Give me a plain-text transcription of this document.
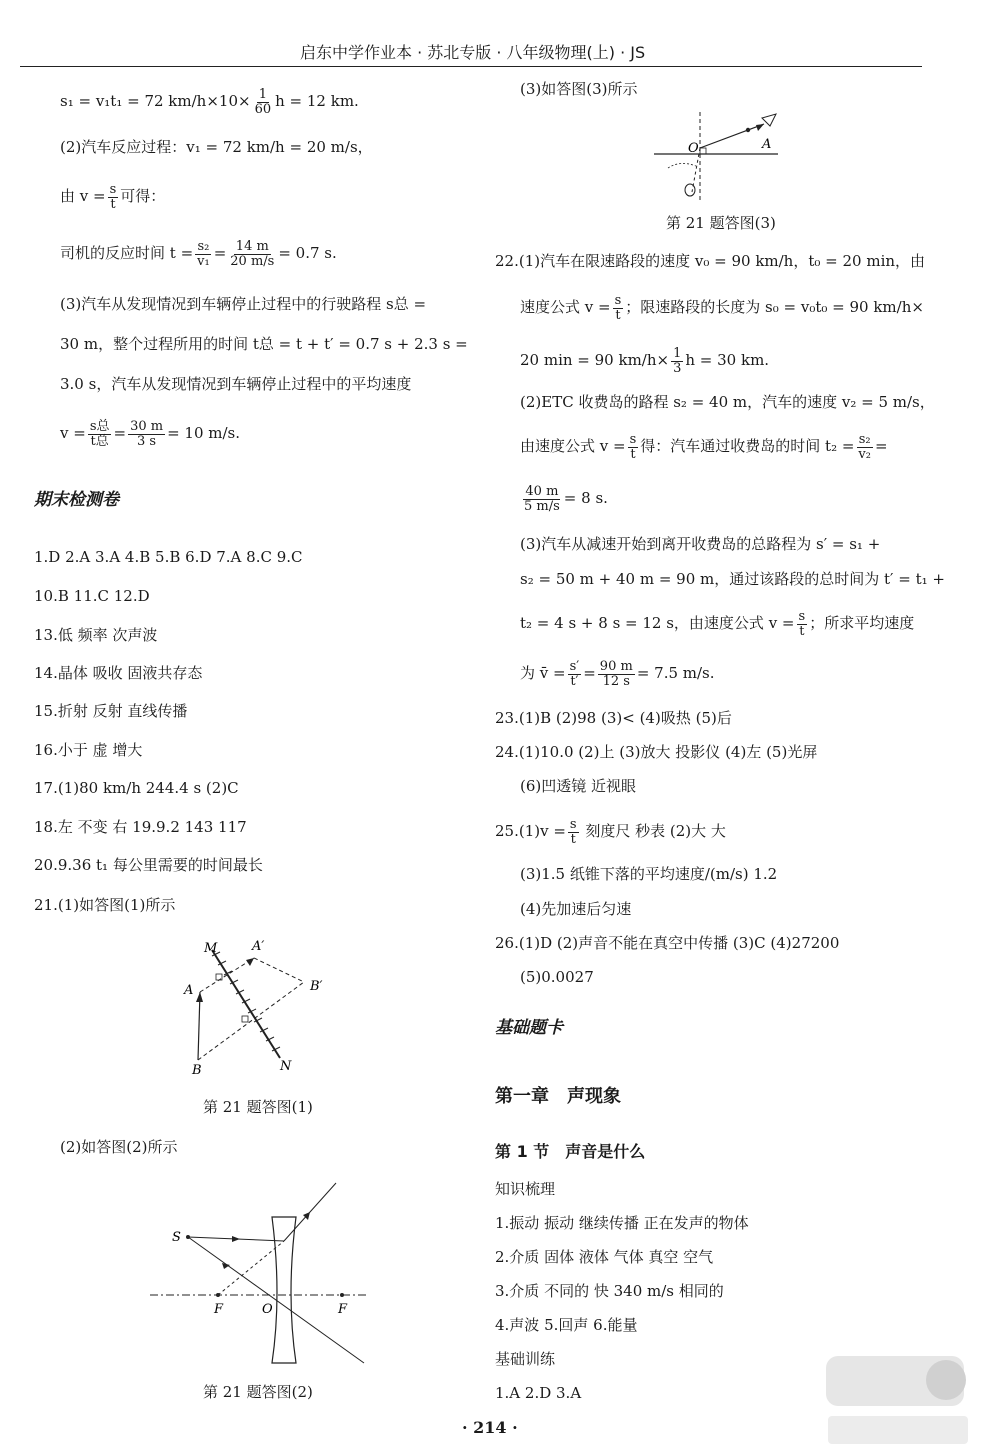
启东中学作业本 · 苏北专版 · 八年级物理(上) · JS
s₁ = v₁t₁ = 72 $km/h\times 10\times \frac{1}{60}$ h = 12 km.
(2)汽车反应过程：v₁ = 72 km/h = 20 m/s，
由 $v = \frac{s}{t}$ 可得：
司机的反应时间 $t = \frac{\text{s₂}}{\text{v₁}} = \frac{14 m}{20 m/s} = 0.7$ s.
(3)汽车从发现情况到车辆停止过程中的行驶路程 s总 =
30 m，整个过程所用的时间 t总 = t + t′ = 0.7 s + 2.3 s =
3.0 s，汽车从发现情况到车辆停止过程中的平均速度
$v = \frac{\text{s总}}{\text{t总}} = \frac{30 m}{3 s} = 10$ m/s.
期末检测卷
1.D 2.A 3.A 4.B 5.B 6.D 7.A 8.C 9.C
10.B 11.C 12.D
13.低 频率 次声波
14.晶体 吸收 固液共存态
15.折射 反射 直线传播
16.小于 虚 增大
17.(1)80 km/h 244.4 s (2)C
18.左 不变 右 19.9.2 143 117
20.9.36 t₁ 每公里需要的时间最长
21.(1)如答图(1)所示
M
N
A
B
A′
B′
第 21 题答图(1)
(2)如答图(2)所示
S
F	O	F
第 21 题答图(2)
(3)如答图(3)所示
O	A
第 21 题答图(3)
22.(1)汽车在限速路段的速度 v₀ = 90 km/h，t₀ = 20 min，由
速度公式 $v = \frac{s}{t}$ ；限速路段的长度为 s₀ = v₀t₀ = 90 km/h×
20 min = 90 $km/h\times \frac{1}{3}$ h = 30 km.
(2)ETC 收费岛的路程 s₂ = 40 m，汽车的速度 v₂ = 5 m/s，
由速度公式 $v = \frac{s}{t}$ 得：汽车通过收费岛的时间 $t_2 = \frac{\text{s₂}}{\text{v₂}}$ =
$\frac{40 m}{5 m/s} = 8$ s.
(3)汽车从减速开始到离开收费岛的总路程为 s′ = s₁ +
s₂ = 50 m + 40 m = 90 m，通过该路段的总时间为 t′ = t₁ +
t₂ = 4 s + 8 s = 12 s，由速度公式 $v = \frac{s}{t}$ ；所求平均速度
为 v̄ = $\frac{s'}{t'} = \frac{90 m}{12 s} = 7.5$ m/s.
23.(1)B (2)98 (3)< (4)吸热 (5)后
24.(1)10.0 (2)上 (3)放大 投影仪 (4)左 (5)光屏
(6)凹透镜 近视眼
$25.(1)v = \frac{s}{t}$ 刻度尺 秒表 (2)大 大
(3)1.5 纸锥下落的平均速度/(m/s) 1.2
(4)先加速后匀速
26.(1)D (2)声音不能在真空中传播 (3)C (4)27200
(5)0.0027
基础题卡
第一章　声现象
第 1 节　声音是什么
知识梳理
1.振动 振动 继续传播 正在发声的物体
2.介质 固体 液体 气体 真空 空气
3.介质 不同的 快 340 m/s 相同的
4.声波 5.回声 6.能量
基础训练
1.A 2.D 3.A
· 214 ·
